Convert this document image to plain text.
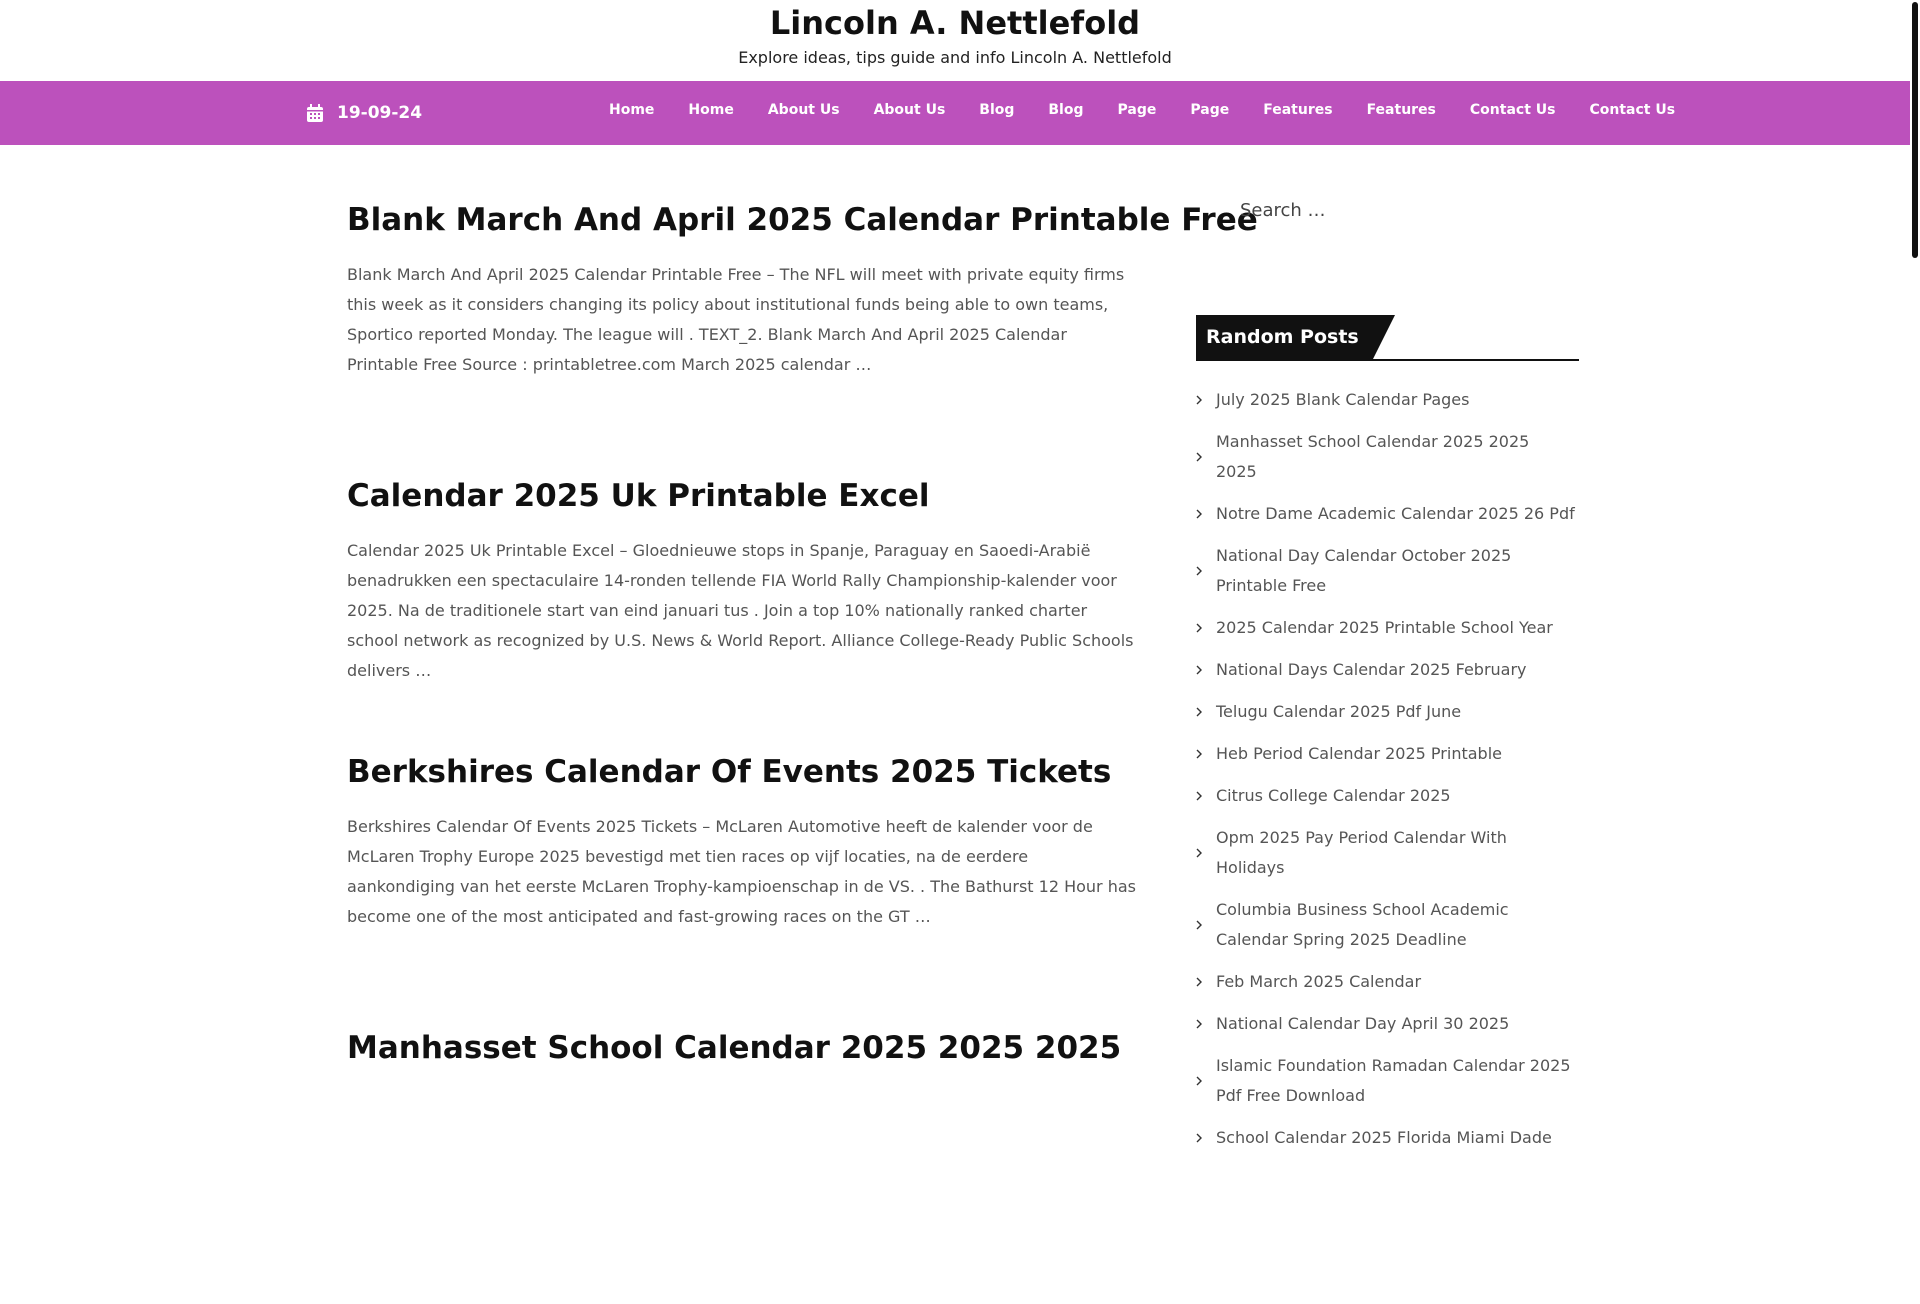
Lincoln A. Nettlefold
Explore ideas, tips guide and info Lincoln A. Nettlefold
19-09-24	Home	Home	About Us	About Us	Blog	Blog	Page	Page	Features	Features	Contact Us	Contact Us
Blank March And April 2025 Calendar Printable Free

Blank March And April 2025 Calendar Printable Free – The NFL will meet with private equity firms this week as it considers changing its policy about institutional funds being able to own teams, Sportico reported Monday. The league will . TEXT_2. Blank March And April 2025 Calendar Printable Free Source : printabletree.com March 2025 calendar …

Calendar 2025 Uk Printable Excel

Calendar 2025 Uk Printable Excel – Gloednieuwe stops in Spanje, Paraguay en Saoedi-Arabië benadrukken een spectaculaire 14-ronden tellende FIA World Rally Championship-kalender voor 2025. Na de traditionele start van eind januari tus . Join a top 10% nationally ranked charter school network as recognized by U.S. News & World Report. Alliance College-Ready Public Schools delivers …

Berkshires Calendar Of Events 2025 Tickets

Berkshires Calendar Of Events 2025 Tickets – McLaren Automotive heeft de kalender voor de McLaren Trophy Europe 2025 bevestigd met tien races op vijf locaties, na de eerdere aankondiging van het eerste McLaren Trophy-kampioenschap in de VS. . The Bathurst 12 Hour has become one of the most anticipated and fast-growing races on the GT …

Manhasset School Calendar 2025 2025 2025
Search …
Random Posts
July 2025 Blank Calendar Pages
Manhasset School Calendar 2025 2025 2025
Notre Dame Academic Calendar 2025 26 Pdf
National Day Calendar October 2025 Printable Free
2025 Calendar 2025 Printable School Year
National Days Calendar 2025 February
Telugu Calendar 2025 Pdf June
Heb Period Calendar 2025 Printable
Citrus College Calendar 2025
Opm 2025 Pay Period Calendar With Holidays
Columbia Business School Academic Calendar Spring 2025 Deadline
Feb March 2025 Calendar
National Calendar Day April 30 2025
Islamic Foundation Ramadan Calendar 2025 Pdf Free Download
School Calendar 2025 Florida Miami Dade
